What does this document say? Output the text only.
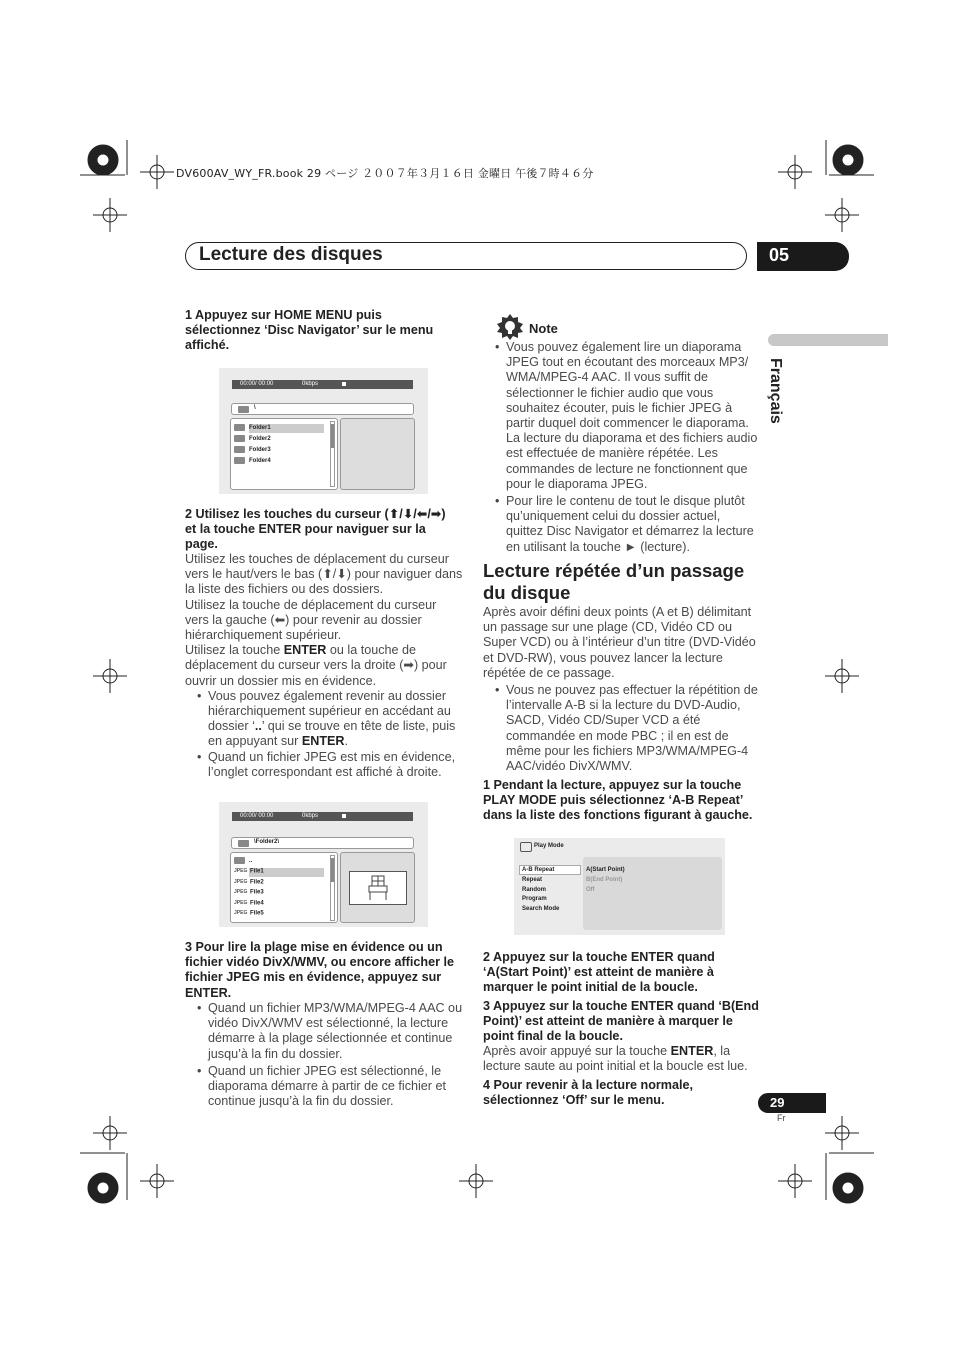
DV600AV_WY_FR.book 29 ページ ２００７年３月１６日 金曜日 午後７時４６分
Lecture des disques	05
Français
1 Appuyez sur HOME MENU puis sélectionnez ‘Disc Navigator’ sur le menu affiché.
00:00/ 00:00	0kbps
\
Folder1
Folder2
Folder3
Folder4
2 Utilisez les touches du curseur (⬆/⬇/⬅/➡) et la touche ENTER pour naviguer sur la page.

Utilisez les touches de déplacement du curseur vers le haut/vers le bas (⬆/⬇) pour naviguer dans la liste des fichiers ou des dossiers.

Utilisez la touche de déplacement du curseur vers la gauche (⬅) pour revenir au dossier hiérarchiquement supérieur.

Utilisez la touche ENTER ou la touche de déplacement du curseur vers la droite (➡) pour ouvrir un dossier mis en évidence.

• Vous pouvez également revenir au dossier hiérarchiquement supérieur en accédant au dossier ‘..’ qui se trouve en tête de liste, puis en appuyant sur ENTER.
• Quand un fichier JPEG est mis en évidence, l’onglet correspondant est affiché à droite.
00:00/ 00:00	0kbps
\Folder2\
..
JPEG File1
JPEG File2
JPEG File3
JPEG File4
JPEG File5
3 Pour lire la plage mise en évidence ou un fichier vidéo DivX/WMV, ou encore afficher le fichier JPEG mis en évidence, appuyez sur ENTER.
• Quand un fichier MP3/WMA/MPEG-4 AAC ou vidéo DivX/WMV est sélectionné, la lecture démarre à la plage sélectionnée et continue jusqu’à la fin du dossier.
• Quand un fichier JPEG est sélectionné, le diaporama démarre à partir de ce fichier et continue jusqu’à la fin du dossier.
Note
• Vous pouvez également lire un diaporama JPEG tout en écoutant des morceaux MP3/ WMA/MPEG-4 AAC. Il vous suffit de sélectionner le fichier audio que vous souhaitez écouter, puis le fichier JPEG à partir duquel doit commencer le diaporama. La lecture du diaporama et des fichiers audio est effectuée de manière répétée. Les commandes de lecture ne fonctionnent que pour le diaporama JPEG.
• Pour lire le contenu de tout le disque plutôt qu’uniquement celui du dossier actuel, quittez Disc Navigator et démarrez la lecture en utilisant la touche ► (lecture).
Lecture répétée d’un passage du disque

Après avoir défini deux points (A et B) délimitant un passage sur une plage (CD, Vidéo CD ou Super VCD) ou à l’intérieur d’un titre (DVD-Vidéo et DVD-RW), vous pouvez lancer la lecture répétée de ce passage.

• Vous ne pouvez pas effectuer la répétition de l’intervalle A-B si la lecture du DVD-Audio, SACD, Vidéo CD/Super VCD a été commandée en mode PBC ; il en est de même pour les fichiers MP3/WMA/MPEG-4 AAC/vidéo DivX/WMV.
1 Pendant la lecture, appuyez sur la touche PLAY MODE puis sélectionnez ‘A-B Repeat’ dans la liste des fonctions figurant à gauche.
Play Mode
A-B Repeat
Repeat
Random
Program
Search Mode
A(Start Point)
B(End Point)
Off
2 Appuyez sur la touche ENTER quand ‘A(Start Point)’ est atteint de manière à marquer le point initial de la boucle.
3 Appuyez sur la touche ENTER quand ‘B(End Point)’ est atteint de manière à marquer le point final de la boucle.
Après avoir appuyé sur la touche ENTER, la lecture saute au point initial et la boucle est lue.
4 Pour revenir à la lecture normale, sélectionnez ‘Off’ sur le menu.	29
Fr
